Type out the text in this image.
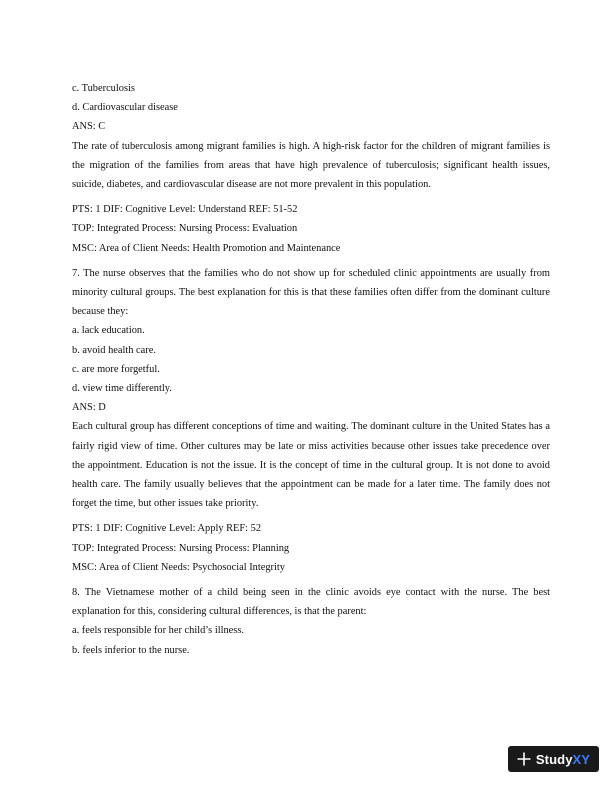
c. Tuberculosis
d. Cardiovascular disease
ANS: C
The rate of tuberculosis among migrant families is high. A high-risk factor for the children of migrant families is the migration of the families from areas that have high prevalence of tuberculosis; significant health issues, suicide, diabetes, and cardiovascular disease are not more prevalent in this population.
PTS: 1 DIF: Cognitive Level: Understand REF: 51-52
TOP: Integrated Process: Nursing Process: Evaluation
MSC: Area of Client Needs: Health Promotion and Maintenance
7. The nurse observes that the families who do not show up for scheduled clinic appointments are usually from minority cultural groups. The best explanation for this is that these families often differ from the dominant culture because they:
a. lack education.
b. avoid health care.
c. are more forgetful.
d. view time differently.
ANS: D
Each cultural group has different conceptions of time and waiting. The dominant culture in the United States has a fairly rigid view of time. Other cultures may be late or miss activities because other issues take precedence over the appointment. Education is not the issue. It is the concept of time in the cultural group. It is not done to avoid health care. The family usually believes that the appointment can be made for a later time. The family does not forget the time, but other issues take priority.
PTS: 1 DIF: Cognitive Level: Apply REF: 52
TOP: Integrated Process: Nursing Process: Planning
MSC: Area of Client Needs: Psychosocial Integrity
8. The Vietnamese mother of a child being seen in the clinic avoids eye contact with the nurse. The best explanation for this, considering cultural differences, is that the parent:
a. feels responsible for her child’s illness.
b. feels inferior to the nurse.
StudyXY
